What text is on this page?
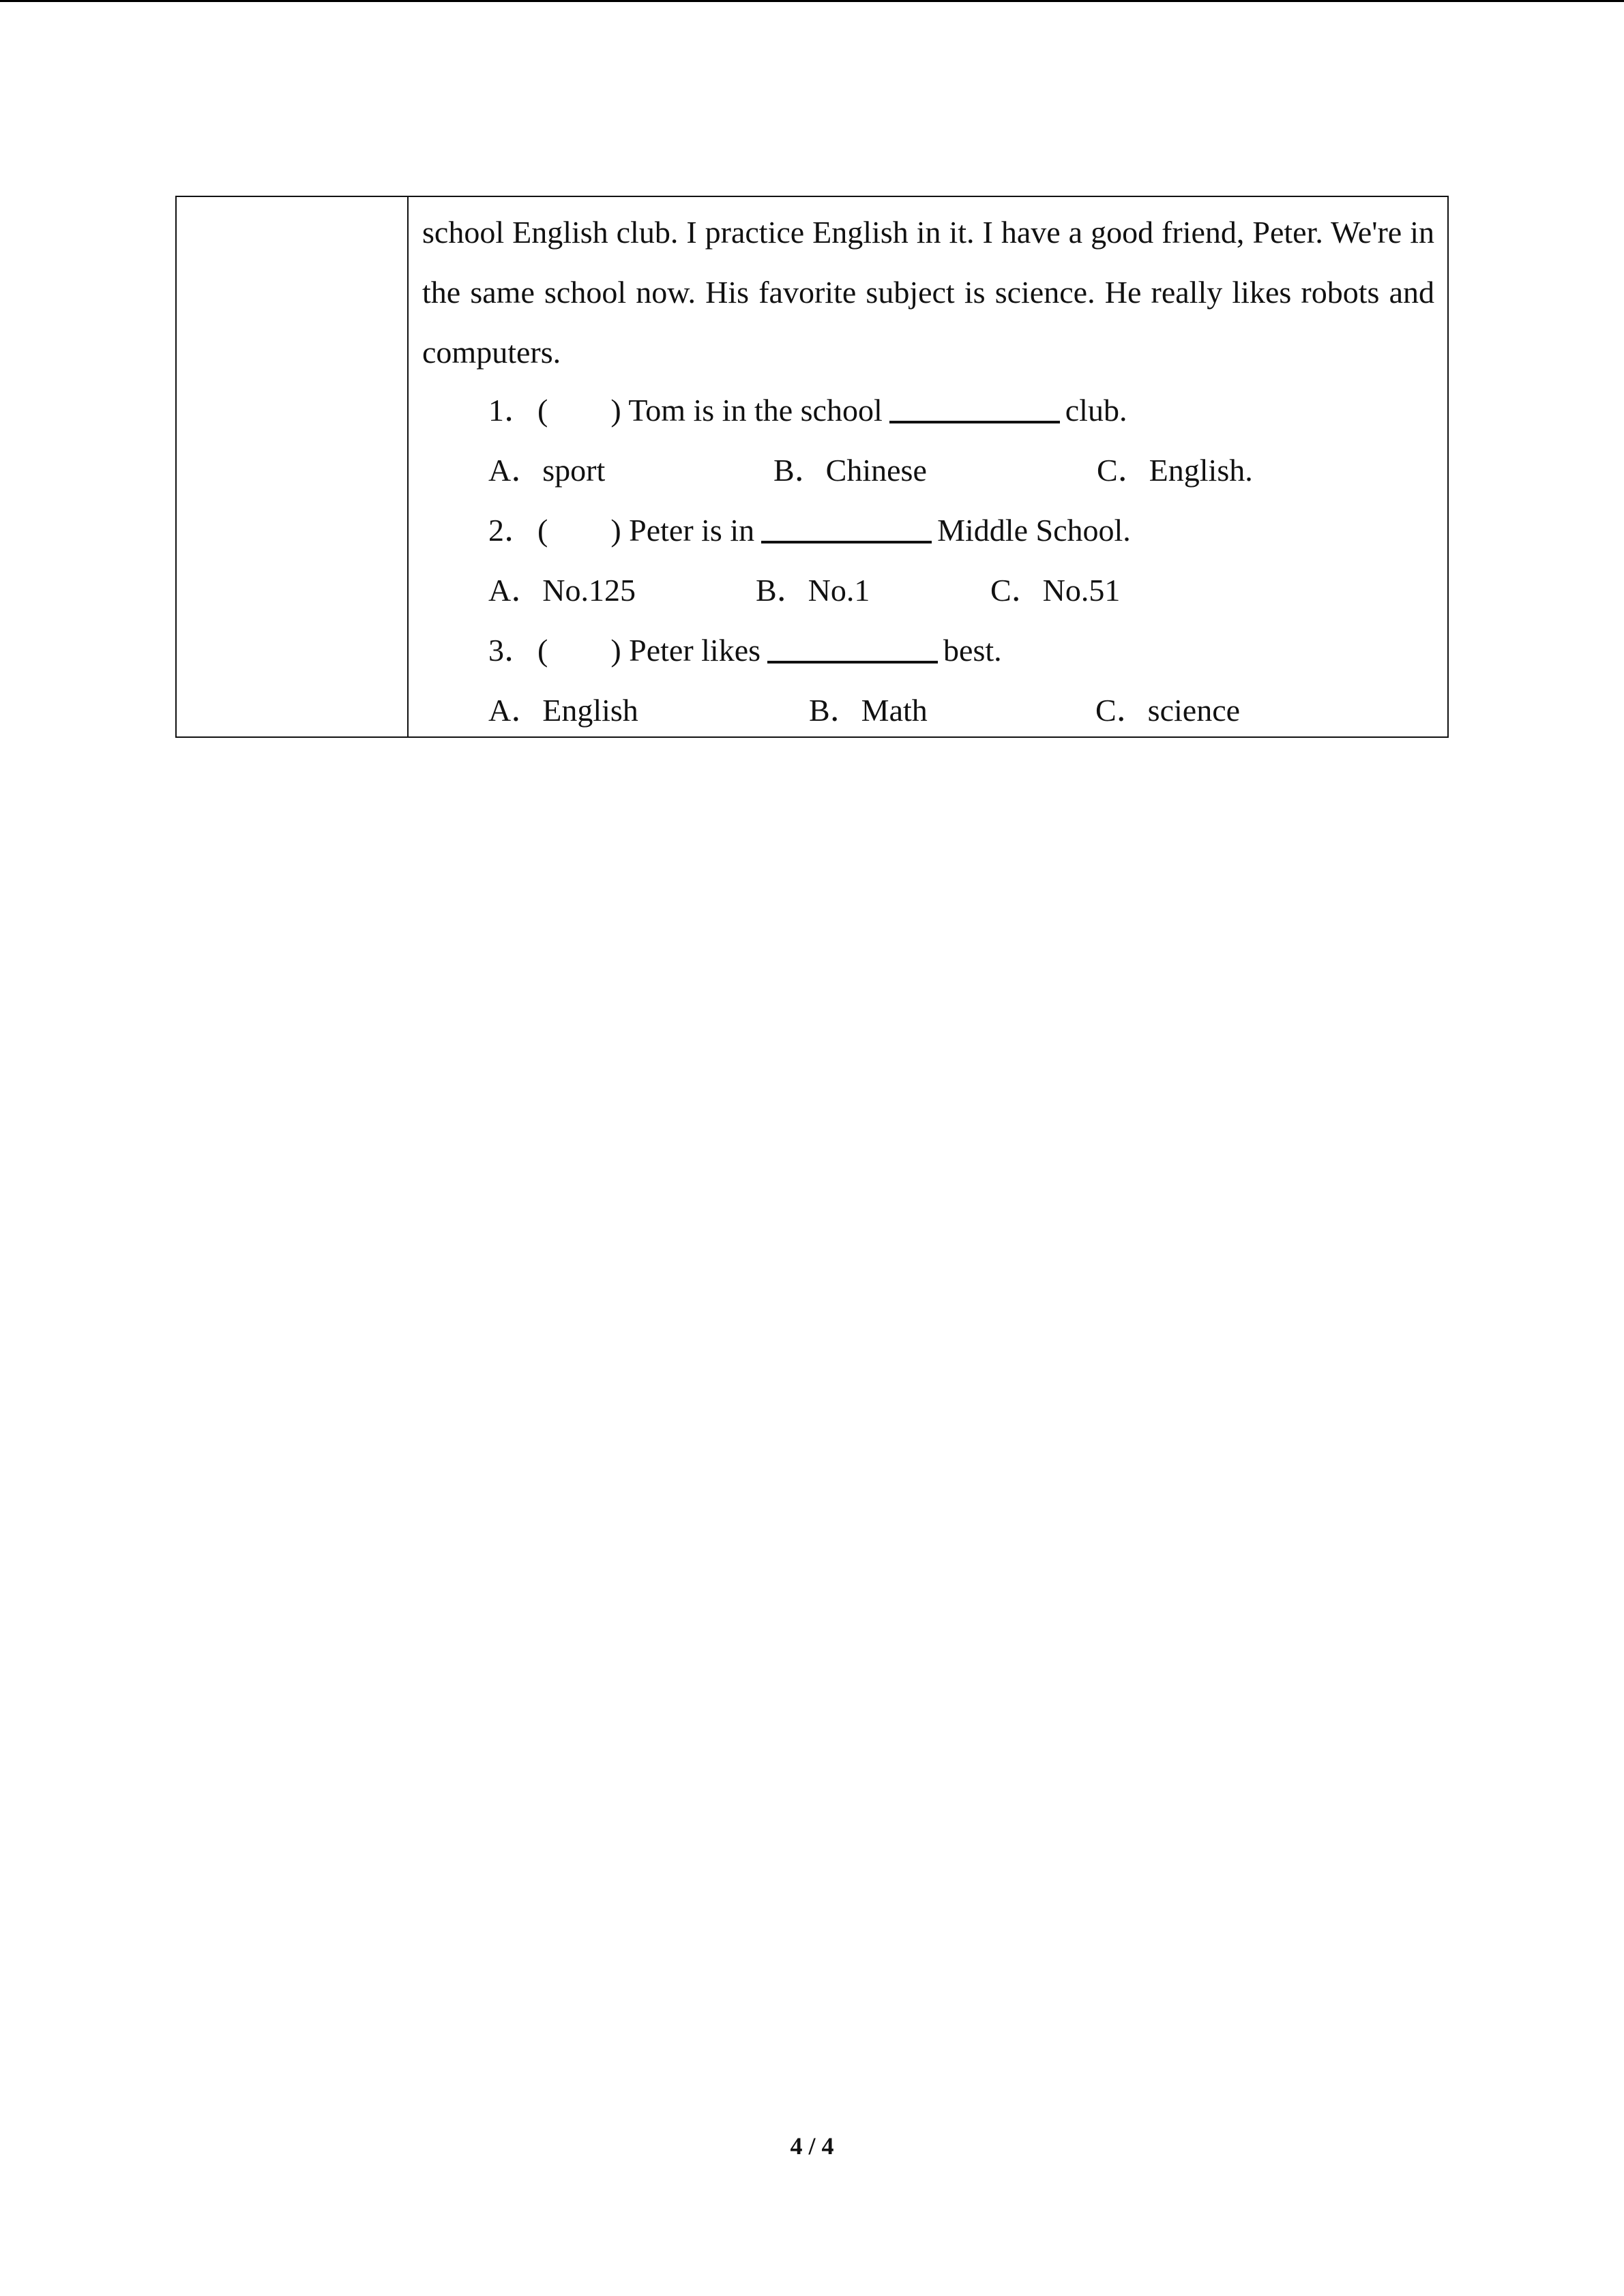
school English club. I practice English in it. I have a good friend, Peter. We're in the same school now. His favorite subject is science. He really likes robots and computers.

1．(  ) Tom is in the school	club.
A．sport	B．Chinese	C．English.
2．(  ) Peter is in	Middle School.
A．No.125	B．No.1	C．No.51
3．(  ) Peter likes	best.
A．English	B．Math	C．science
4 / 4
